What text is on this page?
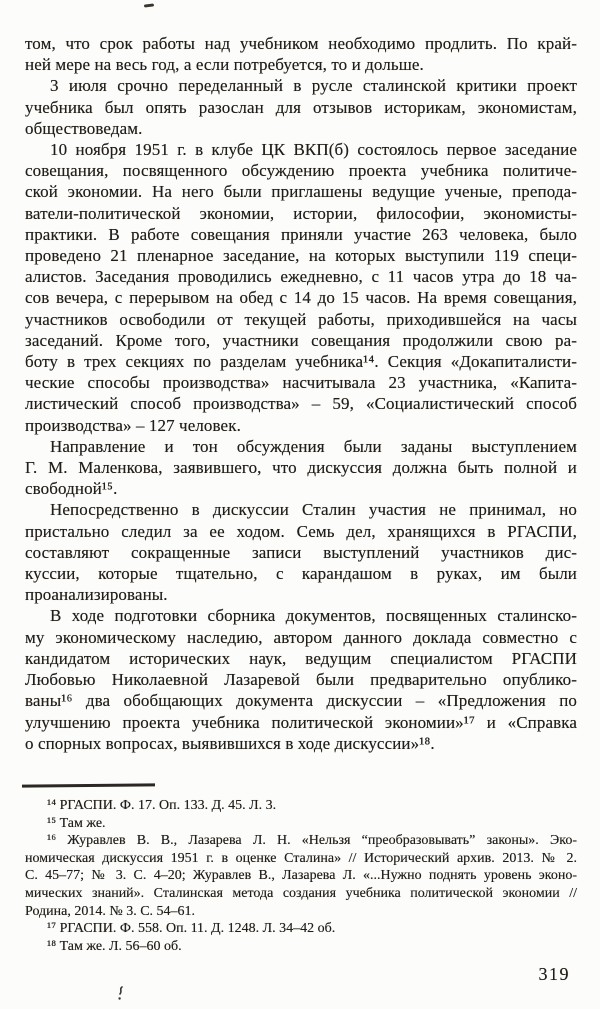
том, что срок работы над учебником необходимо продлить. По край-
ней мере на весь год, а если потребуется, то и дольше.
3 июля срочно переделанный в русле сталинской критики проект
учебника был опять разослан для отзывов историкам, экономистам,
обществоведам.
10 ноября 1951 г. в клубе ЦК ВКП(б) состоялось первое заседание
совещания, посвященного обсуждению проекта учебника политиче-
ской экономии. На него были приглашены ведущие ученые, препода-
ватели-политической экономии, истории, философии, экономисты-
практики. В работе совещания приняли участие 263 человека, было
проведено 21 пленарное заседание, на которых выступили 119 специ-
алистов. Заседания проводились ежедневно, с 11 часов утра до 18 ча-
сов вечера, с перерывом на обед с 14 до 15 часов. На время совещания,
участников освободили от текущей работы, приходившейся на часы
заседаний. Кроме того, участники совещания продолжили свою ра-
боту в трех секциях по разделам учебника¹⁴. Секция «Докапиталисти-
ческие способы производства» насчитывала 23 участника, «Капита-
листический способ производства» – 59, «Социалистический способ
производства» – 127 человек.
Направление и тон обсуждения были заданы выступлением
Г. М. Маленкова, заявившего, что дискуссия должна быть полной и
свободной¹⁵.
Непосредственно в дискуссии Сталин участия не принимал, но
пристально следил за ее ходом. Семь дел, хранящихся в РГАСПИ,
составляют сокращенные записи выступлений участников дис-
куссии, которые тщательно, с карандашом в руках, им были
проанализированы.
В ходе подготовки сборника документов, посвященных сталинско-
му экономическому наследию, автором данного доклада совместно с
кандидатом исторических наук, ведущим специалистом РГАСПИ
Любовью Николаевной Лазаревой были предварительно опублико-
ваны¹⁶ два обобщающих документа дискуссии – «Предложения по
улучшению проекта учебника политической экономии»¹⁷ и «Справка
о спорных вопросах, выявившихся в ходе дискуссии»¹⁸.
¹⁴ РГАСПИ. Ф. 17. Оп. 133. Д. 45. Л. 3.
¹⁵ Там же.
¹⁶ Журавлев В. В., Лазарева Л. Н. «Нельзя “преобразовывать” законы». Эко-
номическая дискуссия 1951 г. в оценке Сталина» // Исторический архив. 2013. № 2.
С. 45–77; № 3. С. 4–20; Журавлев В., Лазарева Л. «...Нужно поднять уровень эконо-
мических знаний». Сталинская метода создания учебника политической экономии //
Родина, 2014. № 3. С. 54–61.
¹⁷ РГАСПИ. Ф. 558. Оп. 11. Д. 1248. Л. 34–42 об.
¹⁸ Там же. Л. 56–60 об.
319
